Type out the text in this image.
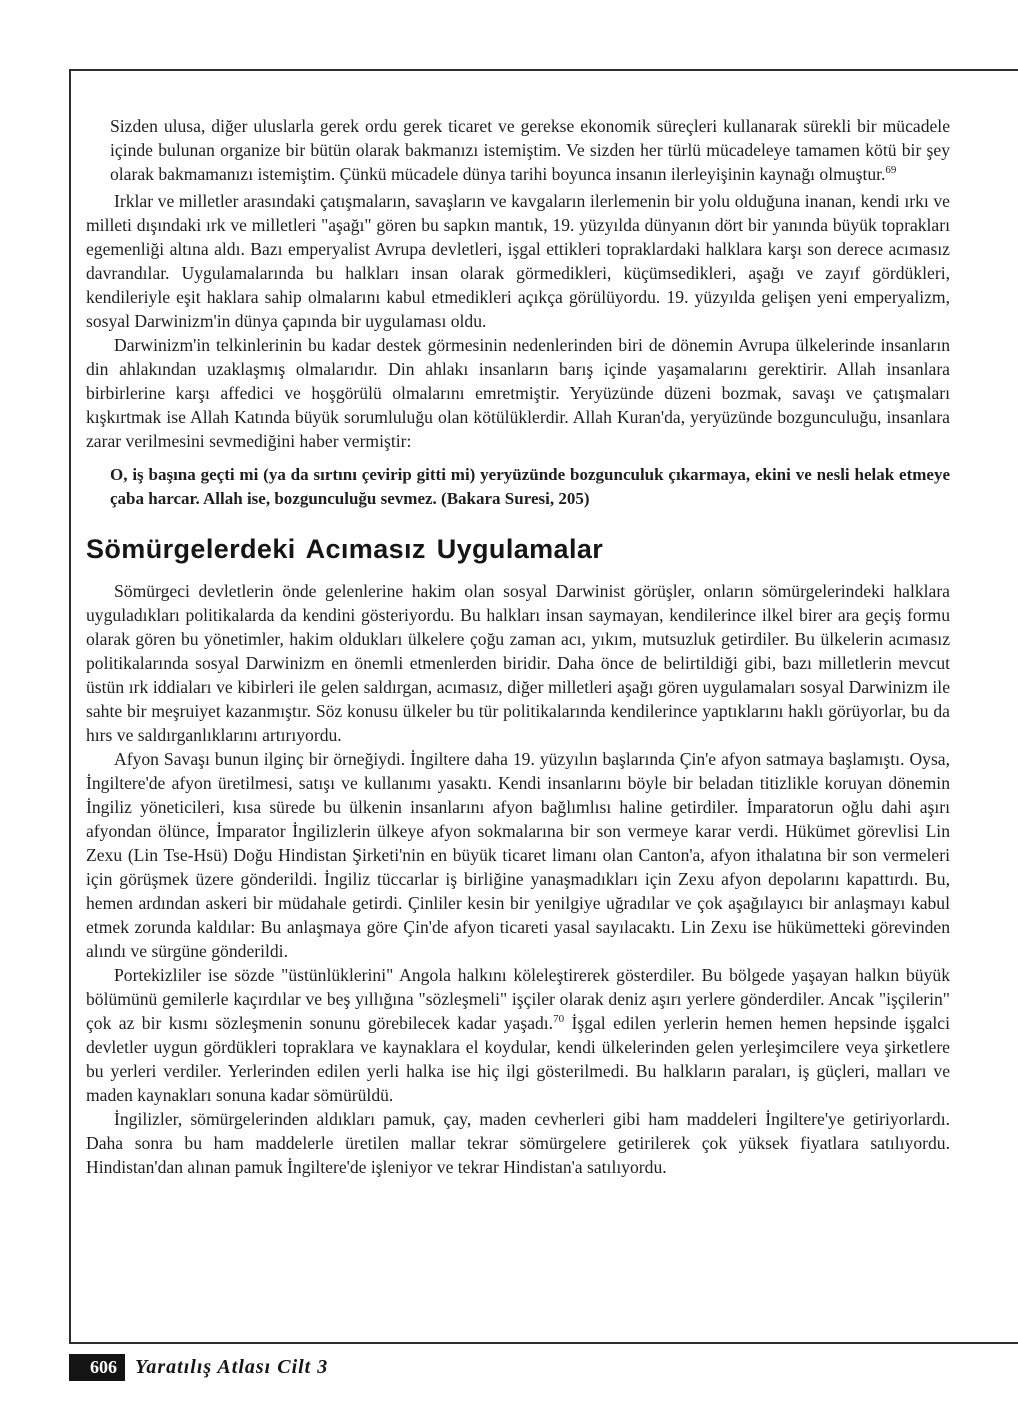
Sizden ulusa, diğer uluslarla gerek ordu gerek ticaret ve gerekse ekonomik süreçleri kullanarak sürekli bir mücadele içinde bulunan organize bir bütün olarak bakmanızı istemiştim. Ve sizden her türlü mücadeleye tamamen kötü bir şey olarak bakmamanızı istemiştim. Çünkü mücadele dünya tarihi boyunca insanın ilerleyişinin kaynağı olmuştur.$^{69}$

Irklar ve milletler arasındaki çatışmaların, savaşların ve kavgaların ilerlemenin bir yolu olduğuna inanan, kendi ırkı ve milleti dışındaki ırk ve milletleri "aşağı" gören bu sapkın mantık, 19. yüzyılda dünyanın dört bir yanında büyük toprakları egemenliği altına aldı. Bazı emperyalist Avrupa devletleri, işgal ettikleri topraklardaki halklara karşı son derece acımasız davrandılar. Uygulamalarında bu halkları insan olarak görmedikleri, küçümsedikleri, aşağı ve zayıf gördükleri, kendileriyle eşit haklara sahip olmalarını kabul etmedikleri açıkça görülüyordu. 19. yüzyılda gelişen yeni emperyalizm, sosyal Darwinizm'in dünya çapında bir uygulaması oldu.

Darwinizm'in telkinlerinin bu kadar destek görmesinin nedenlerinden biri de dönemin Avrupa ülkelerinde insanların din ahlakından uzaklaşmış olmalarıdır. Din ahlakı insanların barış içinde yaşamalarını gerektirir. Allah insanlara birbirlerine karşı affedici ve hoşgörülü olmalarını emretmiştir. Yeryüzünde düzeni bozmak, savaşı ve çatışmaları kışkırtmak ise Allah Katında büyük sorumluluğu olan kötülüklerdir. Allah Kuran'da, yeryüzünde bozgunculuğu, insanlara zarar verilmesini sevmediğini haber vermiştir:

O, iş başına geçti mi (ya da sırtını çevirip gitti mi) yeryüzünde bozgunculuk çıkarmaya, ekini ve nesli helak etmeye çaba harcar. Allah ise, bozgunculuğu sevmez. (Bakara Suresi, 205)
Sömürgelerdeki Acımasız Uygulamalar

Sömürgeci devletlerin önde gelenlerine hakim olan sosyal Darwinist görüşler, onların sömürgelerindeki halklara uyguladıkları politikalarda da kendini gösteriyordu. Bu halkları insan saymayan, kendilerince ilkel birer ara geçiş formu olarak gören bu yönetimler, hakim oldukları ülkelere çoğu zaman acı, yıkım, mutsuzluk getirdiler. Bu ülkelerin acımasız politikalarında sosyal Darwinizm en önemli etmenlerden biridir. Daha önce de belirtildiği gibi, bazı milletlerin mevcut üstün ırk iddiaları ve kibirleri ile gelen saldırgan, acımasız, diğer milletleri aşağı gören uygulamaları sosyal Darwinizm ile sahte bir meşruiyet kazanmıştır. Söz konusu ülkeler bu tür politikalarında kendilerince yaptıklarını haklı görüyorlar, bu da hırs ve saldırganlıklarını artırıyordu.

Afyon Savaşı bunun ilginç bir örneğiydi. İngiltere daha 19. yüzyılın başlarında Çin'e afyon satmaya başlamıştı. Oysa, İngiltere'de afyon üretilmesi, satışı ve kullanımı yasaktı. Kendi insanlarını böyle bir beladan titizlikle koruyan dönemin İngiliz yöneticileri, kısa sürede bu ülkenin insanlarını afyon bağlımlısı haline getirdiler. İmparatorun oğlu dahi aşırı afyondan ölünce, İmparator İngilizlerin ülkeye afyon sokmalarına bir son vermeye karar verdi. Hükümet görevlisi Lin Zexu (Lin Tse-Hsü) Doğu Hindistan Şirketi'nin en büyük ticaret limanı olan Canton'a, afyon ithalatına bir son vermeleri için görüşmek üzere gönderildi. İngiliz tüccarlar iş birliğine yanaşmadıkları için Zexu afyon depolarını kapattırdı. Bu, hemen ardından askeri bir müdahale getirdi. Çinliler kesin bir yenilgiye uğradılar ve çok aşağılayıcı bir anlaşmayı kabul etmek zorunda kaldılar: Bu anlaşmaya göre Çin'de afyon ticareti yasal sayılacaktı. Lin Zexu ise hükümetteki görevinden alındı ve sürgüne gönderildi.

Portekizliler ise sözde "üstünlüklerini" Angola halkını köleleştirerek gösterdiler. Bu bölgede yaşayan halkın büyük bölümünü gemilerle kaçırdılar ve beş yıllığına "sözleşmeli" işçiler olarak deniz aşırı yerlere gönderdiler. Ancak "işçilerin" çok az bir kısmı sözleşmenin sonunu görebilecek kadar yaşadı.$^{70}$ İşgal edilen yerlerin hemen hemen hepsinde işgalci devletler uygun gördükleri topraklara ve kaynaklara el koydular, kendi ülkelerinden gelen yerleşimcilere veya şirketlere bu yerleri verdiler. Yerlerinden edilen yerli halka ise hiç ilgi gösterilmedi. Bu halkların paraları, iş güçleri, malları ve maden kaynakları sonuna kadar sömürüldü.

İngilizler, sömürgelerinden aldıkları pamuk, çay, maden cevherleri gibi ham maddeleri İngiltere'ye getiriyorlardı. Daha sonra bu ham maddelerle üretilen mallar tekrar sömürgelere getirilerek çok yüksek fiyatlara satılıyordu. Hindistan'dan alınan pamuk İngiltere'de işleniyor ve tekrar Hindistan'a satılıyordu.

606 Yaratılış Atlası Cilt 3
